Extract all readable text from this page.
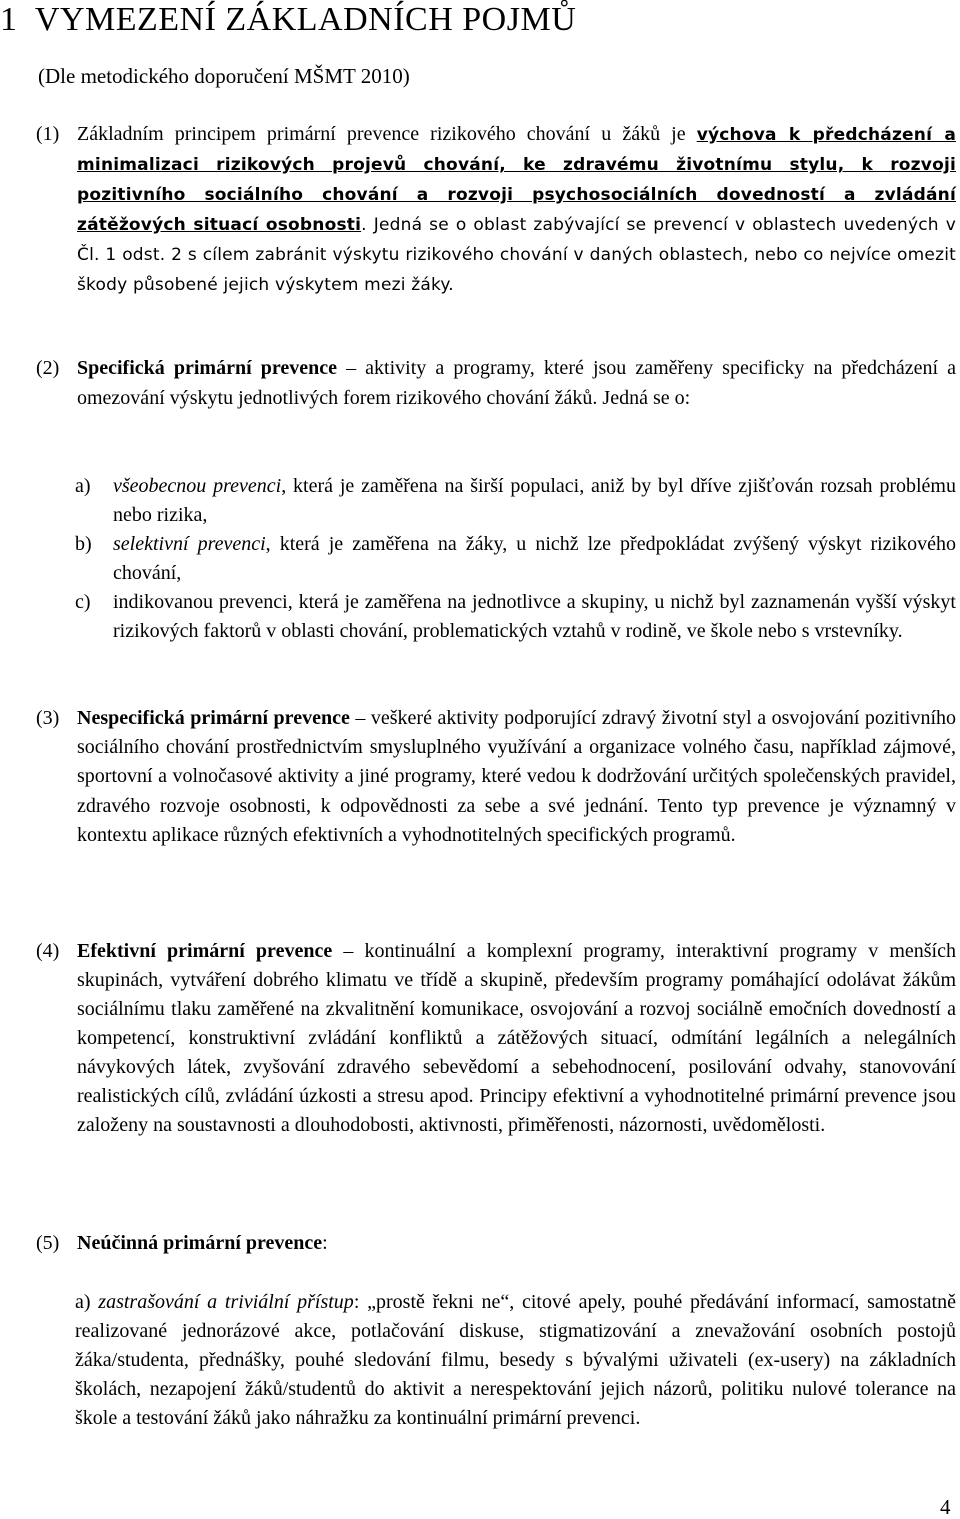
1 VYMEZENÍ ZÁKLADNÍCH POJMŮ
(Dle metodického doporučení MŠMT 2010)
(1) Základním principem primární prevence rizikového chování u žáků je výchova k předcházení a minimalizaci rizikových projevů chování, ke zdravému životnímu stylu, k rozvoji pozitivního sociálního chování a rozvoji psychosociálních dovedností a zvládání zátěžových situací osobnosti. Jedná se o oblast zabývající se prevencí v oblastech uvedených v Čl. 1 odst. 2 s cílem zabránit výskytu rizikového chování v daných oblastech, nebo co nejvíce omezit škody působené jejich výskytem mezi žáky.
(2) Specifická primární prevence – aktivity a programy, které jsou zaměřeny specificky na předcházení a omezování výskytu jednotlivých forem rizikového chování žáků. Jedná se o:
a) všeobecnou prevenci, která je zaměřena na širší populaci, aniž by byl dříve zjišťován rozsah problému nebo rizika,
b) selektivní prevenci, která je zaměřena na žáky, u nichž lze předpokládat zvýšený výskyt rizikového chování,
c) indikovanou prevenci, která je zaměřena na jednotlivce a skupiny, u nichž byl zaznamenán vyšší výskyt rizikových faktorů v oblasti chování, problematických vztahů v rodině, ve škole nebo s vrstevníky.
(3) Nespecifická primární prevence – veškeré aktivity podporující zdravý životní styl a osvojování pozitivního sociálního chování prostřednictvím smysluplného využívání a organizace volného času, například zájmové, sportovní a volnočasové aktivity a jiné programy, které vedou k dodržování určitých společenských pravidel, zdravého rozvoje osobnosti, k odpovědnosti za sebe a své jednání. Tento typ prevence je významný v kontextu aplikace různých efektivních a vyhodnotitelných specifických programů.
(4) Efektivní primární prevence – kontinuální a komplexní programy, interaktivní programy v menších skupinách, vytváření dobrého klimatu ve třídě a skupině, především programy pomáhající odolávat žákům sociálnímu tlaku zaměřené na zkvalitnění komunikace, osvojování a rozvoj sociálně emočních dovedností a kompetencí, konstruktivní zvládání konfliktů a zátěžových situací, odmítání legálních a nelegálních návykových látek, zvyšování zdravého sebevědomí a sebehodnocení, posilování odvahy, stanovování realistických cílů, zvládání úzkosti a stresu apod. Principy efektivní a vyhodnotitelné primární prevence jsou založeny na soustavnosti a dlouhodobosti, aktivnosti, přiměřenosti, názornosti, uvědomělosti.
(5) Neúčinná primární prevence:
a) zastrašování a triviální přístup: „prostě řekni ne“, citové apely, pouhé předávání informací, samostatně realizované jednorázové akce, potlačování diskuse, stigmatizování a znevažování osobních postojů žáka/studenta, přednášky, pouhé sledování filmu, besedy s bývalými uživateli (ex-usery) na základních školách, nezapojení žáků/studentů do aktivit a nerespektování jejich názorů, politiku nulové tolerance na škole a testování žáků jako náhražku za kontinuální primární prevenci.
4
